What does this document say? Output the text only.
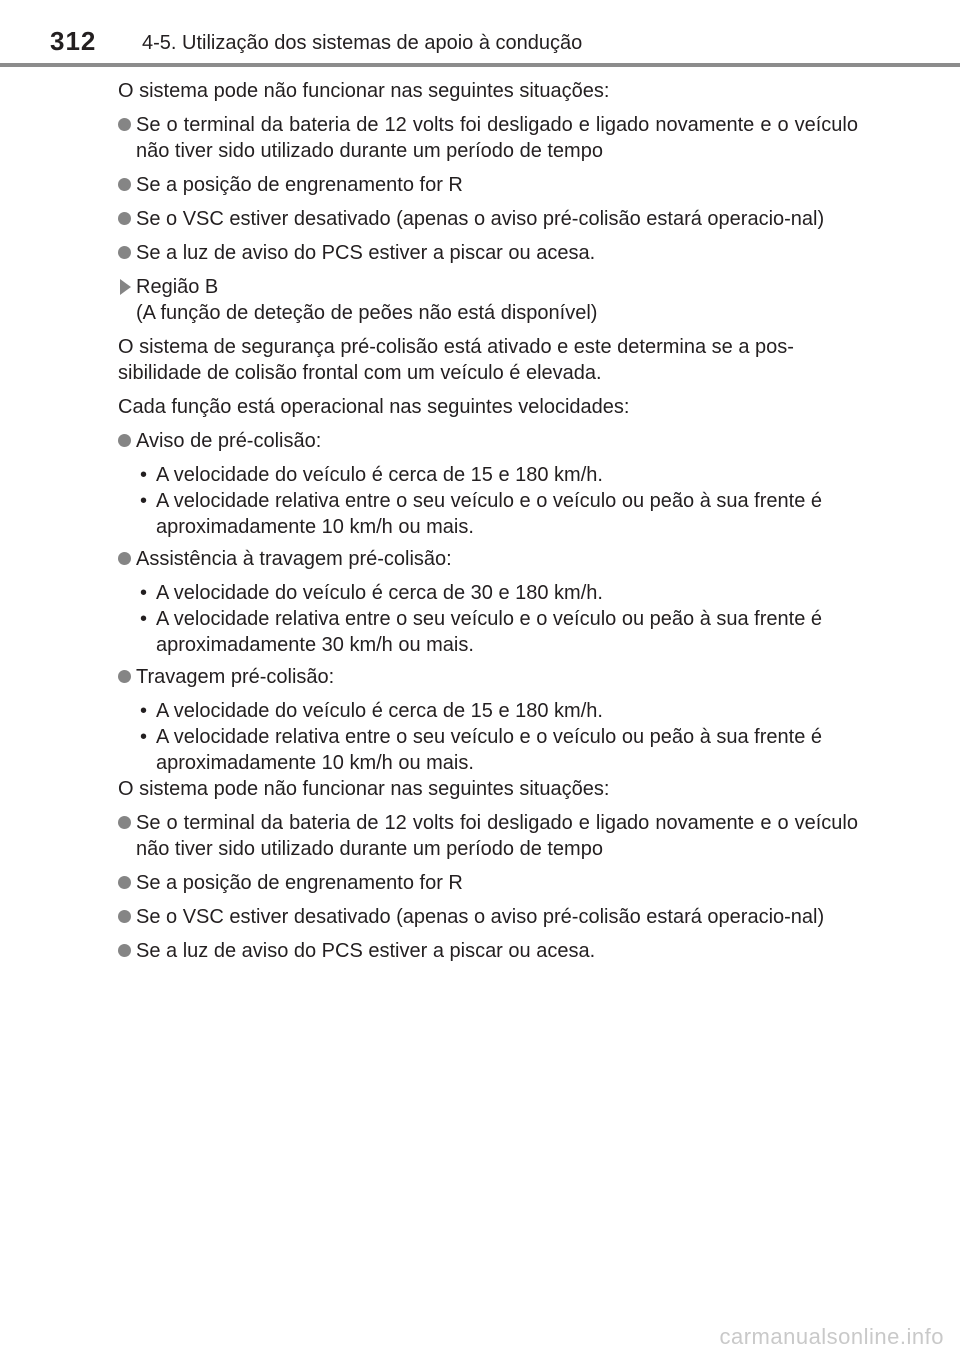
312 4-5. Utilização dos sistemas de apoio à condução

O sistema pode não funcionar nas seguintes situações:

Se o terminal da bateria de 12 volts foi desligado e ligado novamente e o veículo não tiver sido utilizado durante um período de tempo
Se a posição de engrenamento for R
Se o VSC estiver desativado (apenas o aviso pré-colisão estará operacio-nal)
Se a luz de aviso do PCS estiver a piscar ou acesa.
Região B
(A função de deteção de peões não está disponível)

O sistema de segurança pré-colisão está ativado e este determina se a pos-sibilidade de colisão frontal com um veículo é elevada.

Cada função está operacional nas seguintes velocidades:

Aviso de pré-colisão:
• A velocidade do veículo é cerca de 15 e 180 km/h.
• A velocidade relativa entre o seu veículo e o veículo ou peão à sua frente é aproximadamente 10 km/h ou mais.
Assistência à travagem pré-colisão:
• A velocidade do veículo é cerca de 30 e 180 km/h.
• A velocidade relativa entre o seu veículo e o veículo ou peão à sua frente é aproximadamente 30 km/h ou mais.
Travagem pré-colisão:
• A velocidade do veículo é cerca de 15 e 180 km/h.
• A velocidade relativa entre o seu veículo e o veículo ou peão à sua frente é aproximadamente 10 km/h ou mais.

O sistema pode não funcionar nas seguintes situações:

Se o terminal da bateria de 12 volts foi desligado e ligado novamente e o veículo não tiver sido utilizado durante um período de tempo
Se a posição de engrenamento for R
Se o VSC estiver desativado (apenas o aviso pré-colisão estará operacio-nal)
Se a luz de aviso do PCS estiver a piscar ou acesa.
carmanualsonline.info
